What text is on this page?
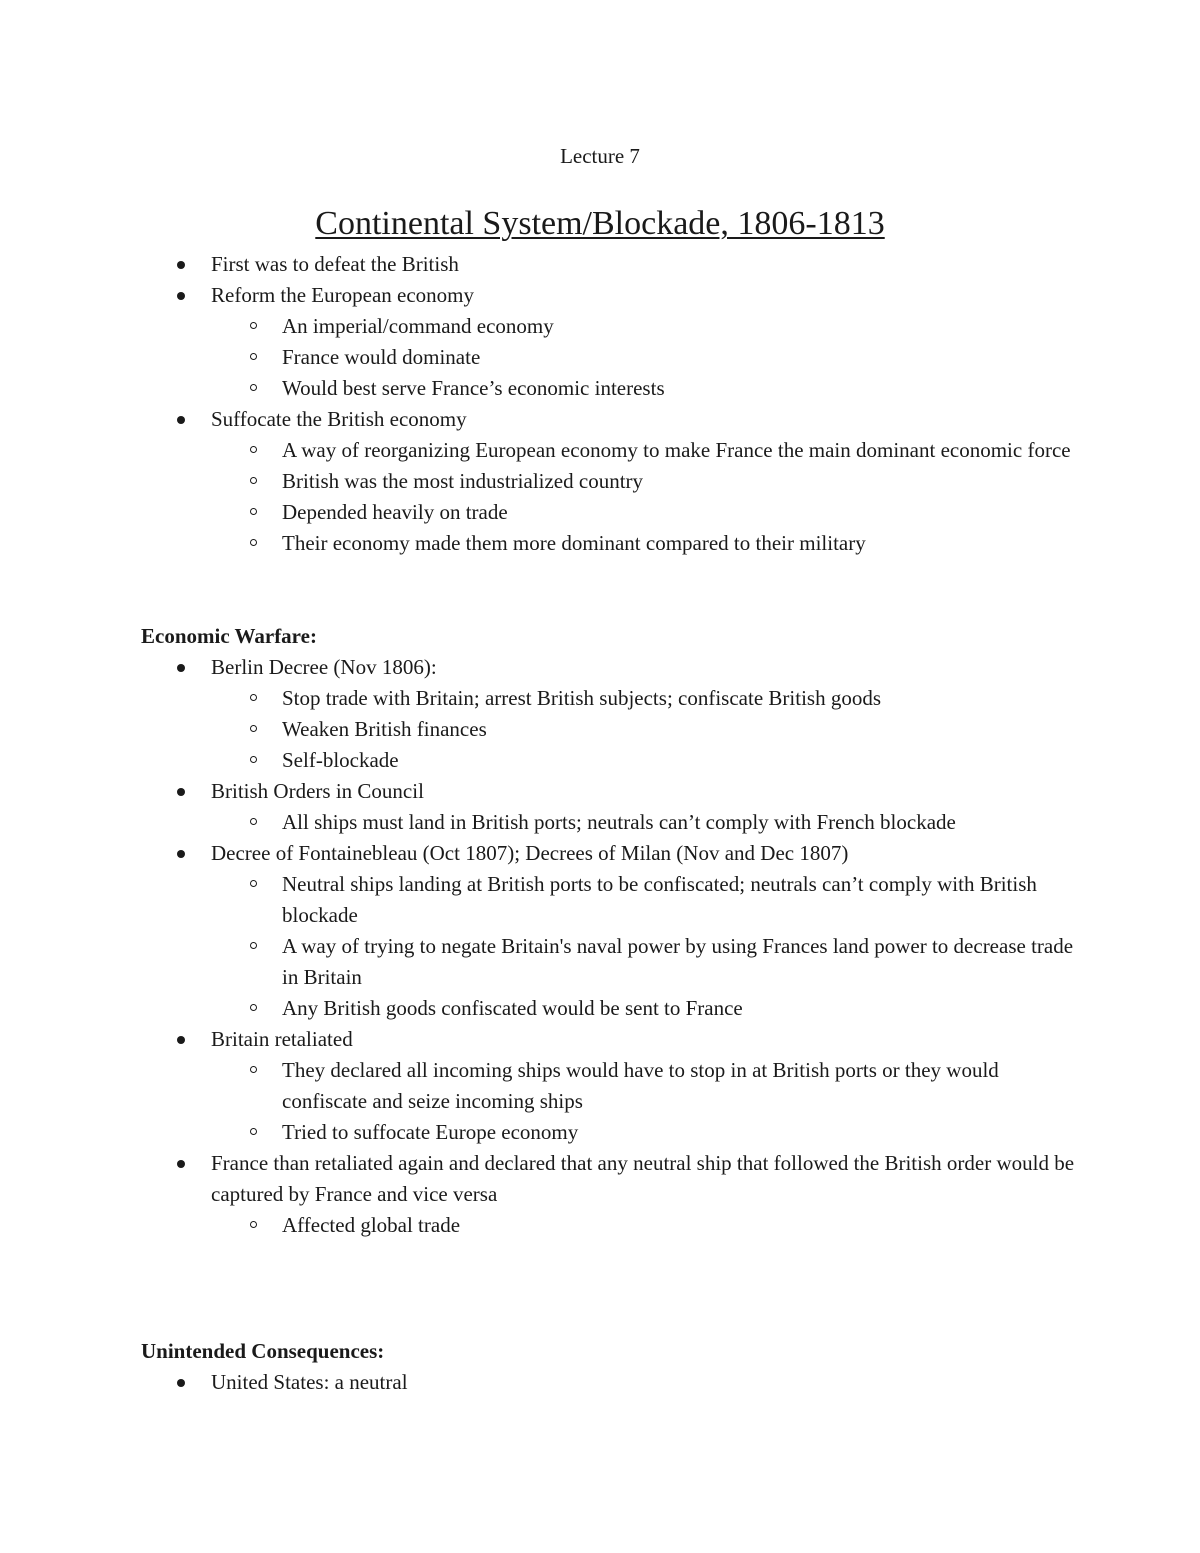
Lecture 7
Continental System/Blockade, 1806-1813
First was to defeat the British
Reform the European economy
An imperial/command economy
France would dominate
Would best serve France’s economic interests
Suffocate the British economy
A way of reorganizing European economy to make France the main dominant economic force
British was the most industrialized country
Depended heavily on trade
Their economy made them more dominant compared to their military
Economic Warfare:
Berlin Decree (Nov 1806):
Stop trade with Britain; arrest British subjects; confiscate British goods
Weaken British finances
Self-blockade
British Orders in Council
All ships must land in British ports; neutrals can’t comply with French blockade
Decree of Fontainebleau (Oct 1807); Decrees of Milan (Nov and Dec 1807)
Neutral ships landing at British ports to be confiscated; neutrals can’t comply with British blockade
A way of trying to negate Britain's naval power by using Frances land power to decrease trade in Britain
Any British goods confiscated would be sent to France
Britain retaliated
They declared all incoming ships would have to stop in at British ports or they would confiscate and seize incoming ships
Tried to suffocate Europe economy
France than retaliated again and declared that any neutral ship that followed the British order would be captured by France and vice versa
Affected global trade
Unintended Consequences:
United States: a neutral
